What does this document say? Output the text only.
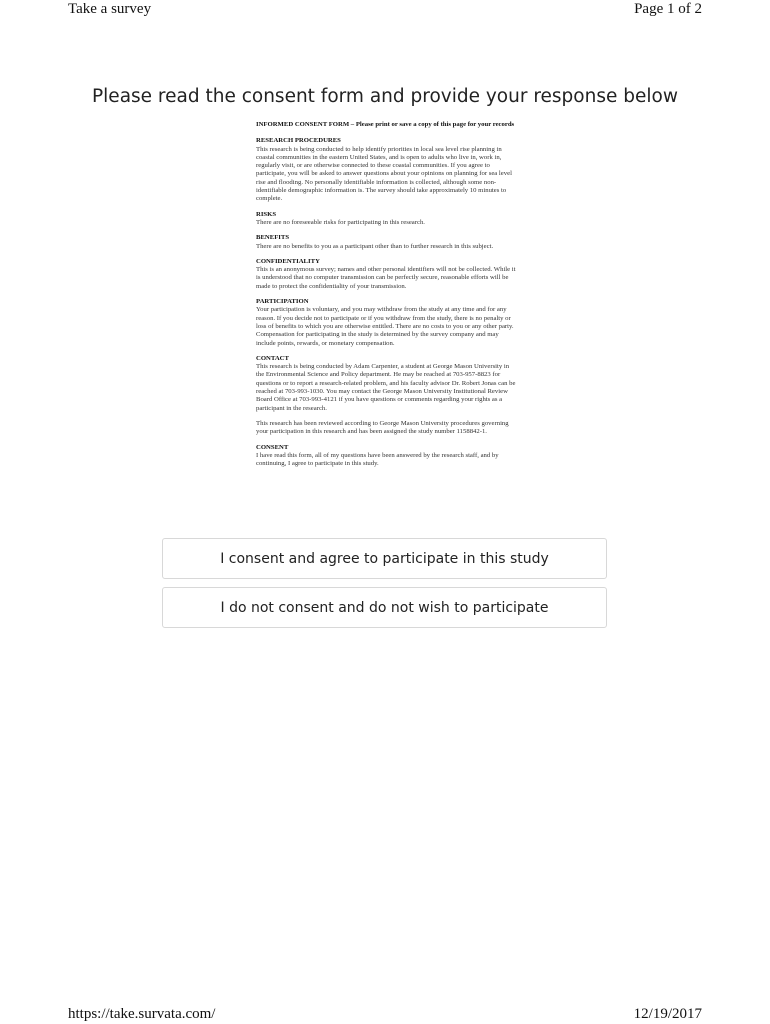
Take a survey	Page 1 of 2
Please read the consent form and provide your response below

INFORMED CONSENT FORM – Please print or save a copy of this page for your records

RESEARCH PROCEDURES

This research is being conducted to help identify priorities in local sea level rise planning in coastal communities in the eastern United States, and is open to adults who live in, work in, regularly visit, or are otherwise connected to these coastal communities. If you agree to participate, you will be asked to answer questions about your opinions on planning for sea level rise and flooding. No personally identifiable information is collected, although some non-identifiable demographic information is. The survey should take approximately 10 minutes to complete.

RISKS

There are no foreseeable risks for participating in this research.

BENEFITS

There are no benefits to you as a participant other than to further research in this subject.

CONFIDENTIALITY

This is an anonymous survey; names and other personal identifiers will not be collected. While it is understood that no computer transmission can be perfectly secure, reasonable efforts will be made to protect the confidentiality of your transmission.

PARTICIPATION

Your participation is voluntary, and you may withdraw from the study at any time and for any reason. If you decide not to participate or if you withdraw from the study, there is no penalty or loss of benefits to which you are otherwise entitled. There are no costs to you or any other party. Compensation for participating in the study is determined by the survey company and may include points, rewards, or monetary compensation.

CONTACT

This research is being conducted by Adam Carpenter, a student at George Mason University in the Environmental Science and Policy department. He may be reached at 703-957-8823 for questions or to report a research-related problem, and his faculty advisor Dr. Robert Jonas can be reached at 703-993-1030. You may contact the George Mason University Institutional Review Board Office at 703-993-4121 if you have questions or comments regarding your rights as a participant in the research.

This research has been reviewed according to George Mason University procedures governing your participation in this research and has been assigned the study number 1158842-1.

CONSENT

I have read this form, all of my questions have been answered by the research staff, and by continuing, I agree to participate in this study.

I consent and agree to participate in this study
I do not consent and do not wish to participate
https://take.survata.com/	12/19/2017
